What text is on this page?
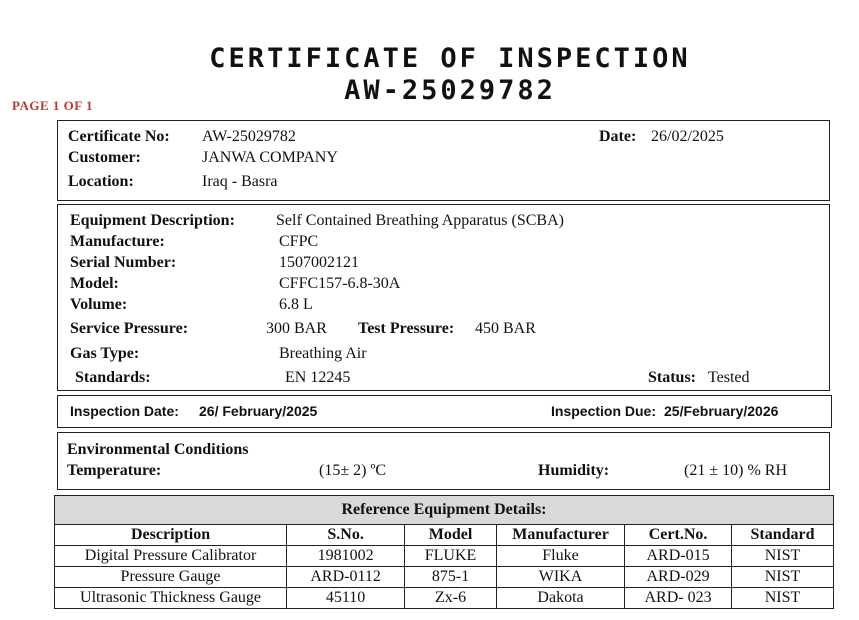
CERTIFICATE OF INSPECTION
AW-25029782
PAGE 1 OF 1
Certificate No: AW-25029782	Date: 26/02/2025
Customer:	JANWA COMPANY
Location:	Iraq - Basra
Equipment Description:	Self Contained Breathing Apparatus (SCBA)
Manufacture:	CFPC
Serial Number:	1507002121
Model:	CFFC157-6.8-30A
Volume:	6.8 L
Service Pressure:	300 BAR Test Pressure: 450 BAR
Gas Type:	Breathing Air
Standards:	EN 12245	Status: Tested
Inspection Date: 26/ February/2025	Inspection Due: 25/February/2026
Environmental Conditions
Temperature:	(15± 2) ºC	Humidity:	(21 ± 10) % RH
Reference Equipment Details:					
Description	S.No.	Model	Manufacturer	Cert.No.	Standard
Digital Pressure Calibrator	1981002	FLUKE	Fluke	ARD-015	NIST
Pressure Gauge	ARD-0112	875-1	WIKA	ARD-029	NIST
Ultrasonic Thickness Gauge	45110	Zx-6	Dakota	ARD- 023	NIST
